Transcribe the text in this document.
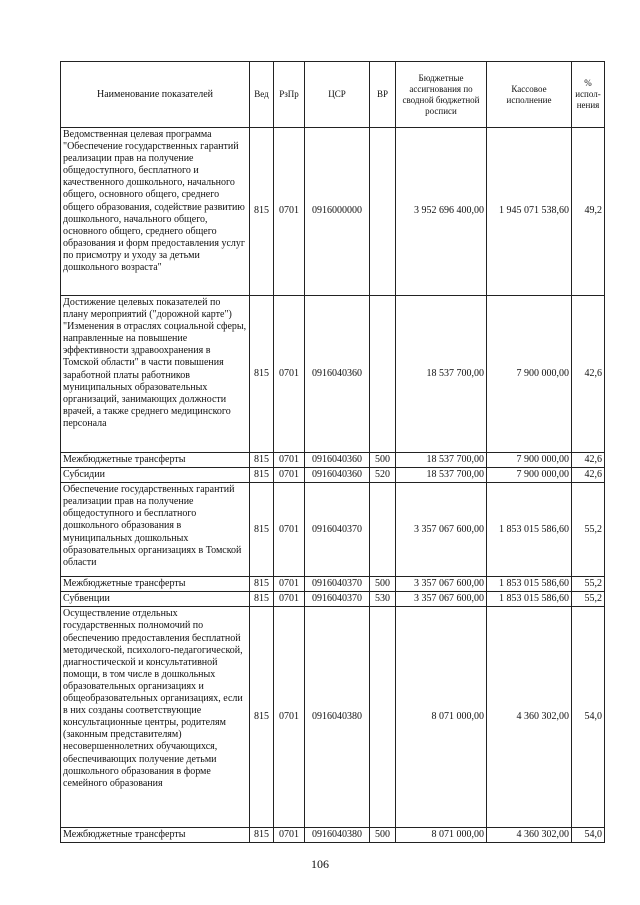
Наименование показателей	Вед	РзПр	ЦСР	ВР	Бюджетные ассигнования по сводной бюджетной росписи	Кассовое исполнение	% испол-нения
Ведомственная целевая программа "Обеспечение государственных гарантий реализации прав на получение общедоступного, бесплатного и качественного дошкольного, начального общего, основного общего, среднего общего образования, содействие развитию дошкольного, начального общего, основного общего, среднего общего образования и форм предоставления услуг по присмотру и уходу за детьми дошкольного возраста"	815	0701	0916000000		3 952 696 400,00	1 945 071 538,60	49,2
Достижение целевых показателей по плану мероприятий ("дорожной карте") "Изменения в отраслях социальной сферы, направленные на повышение эффективности здравоохранения в Томской области" в части повышения заработной платы работников муниципальных образовательных организаций, занимающих должности врачей, а также среднего медицинского персонала	815	0701	0916040360		18 537 700,00	7 900 000,00	42,6
Межбюджетные трансферты	815	0701	0916040360	500	18 537 700,00	7 900 000,00	42,6
Субсидии	815	0701	0916040360	520	18 537 700,00	7 900 000,00	42,6
Обеспечение государственных гарантий реализации прав на получение общедоступного и бесплатного дошкольного образования в муниципальных дошкольных образовательных организациях в Томской области	815	0701	0916040370		3 357 067 600,00	1 853 015 586,60	55,2
Межбюджетные трансферты	815	0701	0916040370	500	3 357 067 600,00	1 853 015 586,60	55,2
Субвенции	815	0701	0916040370	530	3 357 067 600,00	1 853 015 586,60	55,2
Осуществление отдельных государственных полномочий по обеспечению предоставления бесплатной методической, психолого-педагогической, диагностической и консультативной помощи, в том числе в дошкольных образовательных организациях и общеобразовательных организациях, если в них созданы соответствующие консультационные центры, родителям (законным представителям) несовершеннолетних обучающихся, обеспечивающих получение детьми дошкольного образования в форме семейного образования	815	0701	0916040380		8 071 000,00	4 360 302,00	54,0
Межбюджетные трансферты	815	0701	0916040380	500	8 071 000,00	4 360 302,00	54,0
106
